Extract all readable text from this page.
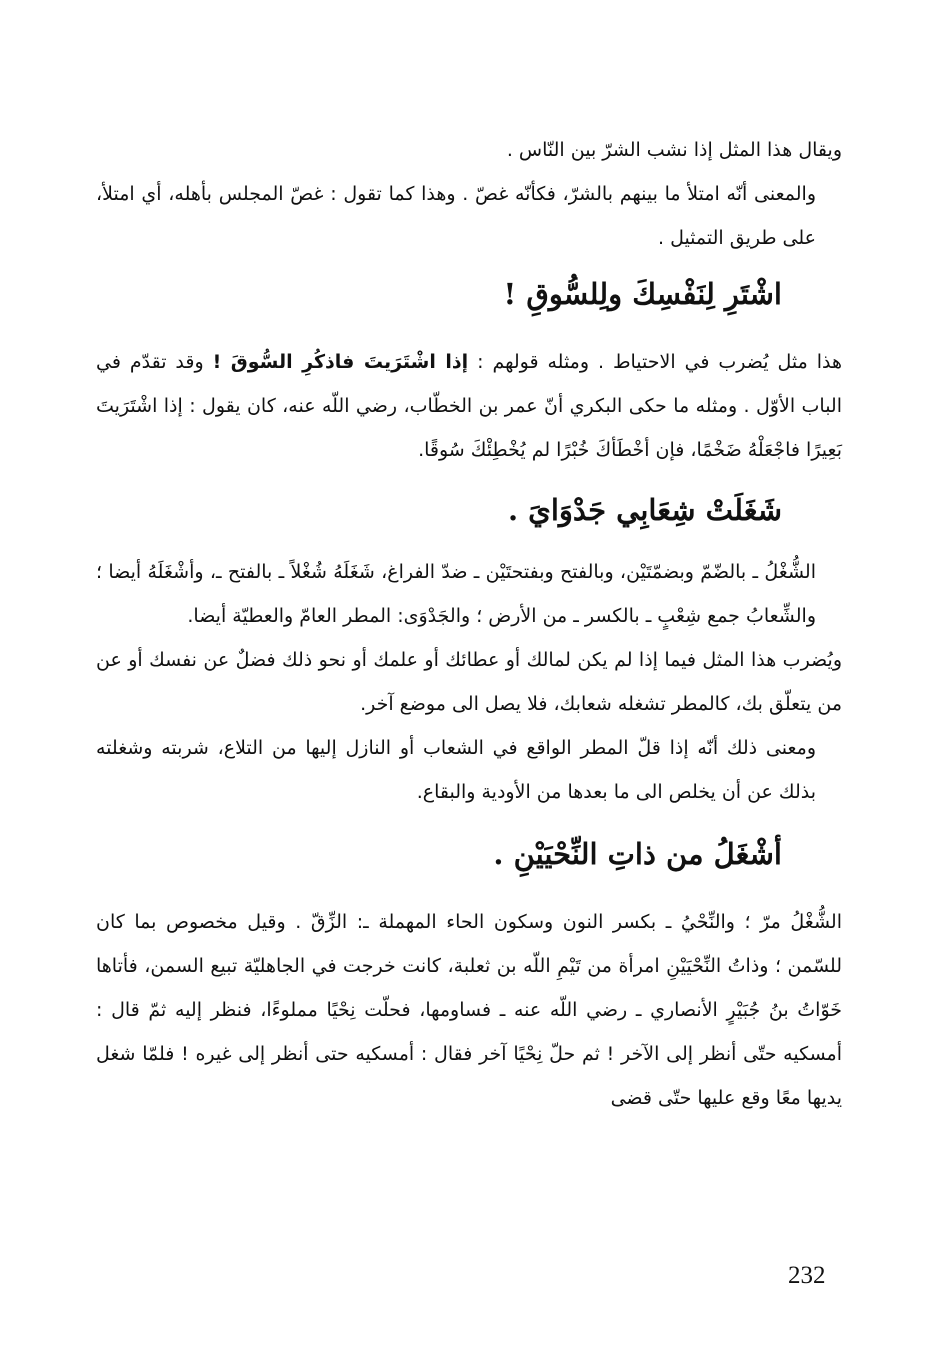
ويقال هذا المثل إذا نشب الشرّ بين النّاس .

والمعنى أنّه امتلأ ما بينهم بالشرّ، فكأنّه غصّ . وهذا كما تقول : غصّ المجلس بأهله، أي امتلأ، على طريق التمثيل .

اشْتَرِ لِنَفْسِكَ ولِلسُّوقِ !

هذا مثل يُضرب في الاحتياط . ومثله قولهم : إذا اشْتَرَيتَ فاذكُرِ السُّوقَ ! وقد تقدّم في الباب الأوّل . ومثله ما حكى البكري أنّ عمر بن الخطّاب، رضي اللّه عنه، كان يقول : إذا اشْتَرَيتَ بَعِيرًا فاجْعَلْهُ ضَخْمًا، فإن أخْطَأكَ خُبْرًا لم يُخْطِئْكَ سُوقًا.

شَغَلَتْ شِعَابِي جَدْوَايَ .

الشُّغْلُ ـ بالضّمّ وبضمّتَيْن، وبالفتح وبفتحتَيْن ـ ضدّ الفراغ، شَغَلَهُ شُغْلاً ـ بالفتح ـ، وأشْغَلَهُ أيضا ؛ والشِّعابُ جمع شِعْبٍ ـ بالكسر ـ من الأرض ؛ والجَدْوَى: المطر العامّ والعطيّة أيضا.

ويُضرب هذا المثل فيما إذا لم يكن لمالك أو عطائك أو علمك أو نحو ذلك فضلٌ عن نفسك أو عن من يتعلّق بك، كالمطر تشغله شعابك، فلا يصل الى موضع آخر.

ومعنى ذلك أنّه إذا قلّ المطر الواقع في الشعاب أو النازل إليها من التلاع، شربته وشغلته بذلك عن أن يخلص الى ما بعدها من الأودية والبقاع.

أشْغَلُ من ذاتِ النِّحْيَيْنِ .

الشُّغْلُ مرّ ؛ والنِّحْيُ ـ بكسر النون وسكون الحاء المهملة ـ: الزِّقّ . وقيل مخصوص بما كان للسّمن ؛ وذاتُ النِّحْيَيْنِ امرأة من تَيْمِ اللّه بن ثعلبة، كانت خرجت في الجاهليّة تبيع السمن، فأتاها خَوّاتُ بنُ جُبَيْرٍ الأنصاري ـ رضي اللّه عنه ـ فساومها، فحلّت نِحْيًا مملوءًا، فنظر إليه ثمّ قال : أمسكيه حتّى أنظر إلى الآخر ! ثم حلّ نِحْيًا آخر فقال : أمسكيه حتى أنظر إلى غيره ! فلمّا شغل يديها معًا وقع عليها حتّى قضى

232
